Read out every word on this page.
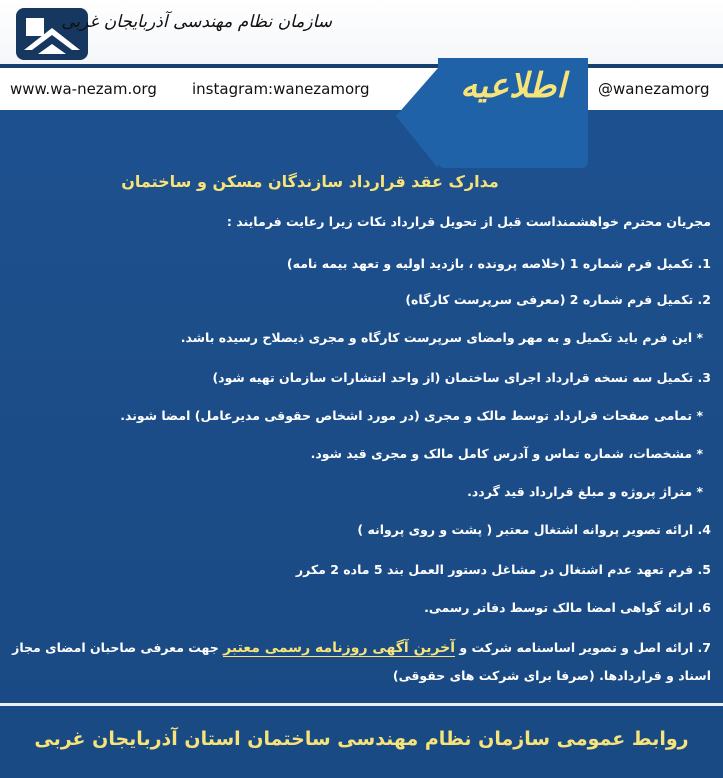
سازمان نظام مهندسی آذربایجان غربی
www.wa-nezam.org instagram:wanezamorg	@wanezamorg
اطلاعیه
مدارک عقد قرارداد سازندگان مسکن و ساختمان
مجریان محترم خواهشمنداست قبل از تحویل قرارداد نکات زیرا رعایت فرمایند :
1. تکمیل فرم شماره 1 (خلاصه پرونده ، بازدید اولیه و تعهد بیمه نامه)
2. تکمیل فرم شماره 2 (معرفی سرپرست کارگاه)
* این فرم باید تکمیل و به مهر وامضای سرپرست کارگاه و مجری ذیصلاح رسیده باشد.
3. تکمیل سه نسخه قرارداد اجرای ساختمان (از واحد انتشارات سازمان تهیه شود)
* تمامی صفحات قرارداد توسط مالک و مجری (در مورد اشخاص حقوقی مدیرعامل) امضا شوند.
* مشخصات، شماره تماس و آدرس کامل مالک و مجری قید شود.
* متراژ پروژه و مبلغ قرارداد قید گردد.
4. ارائه تصویر پروانه اشتغال معتبر ( پشت و روی پروانه )
5. فرم تعهد عدم اشتغال در مشاغل دستور العمل بند 5 ماده 2 مکرر
6. ارائه گواهی امضا مالک توسط دفاتر رسمی.
7. ارائه اصل و تصویر اساسنامه شرکت و آخرین آگهی روزنامه رسمی معتبر جهت معرفی صاحبان امضای مجاز
اسناد و قراردادها. (صرفا برای شرکت های حقوقی)
روابط عمومی سازمان نظام مهندسی ساختمان استان آذربایجان غربی
